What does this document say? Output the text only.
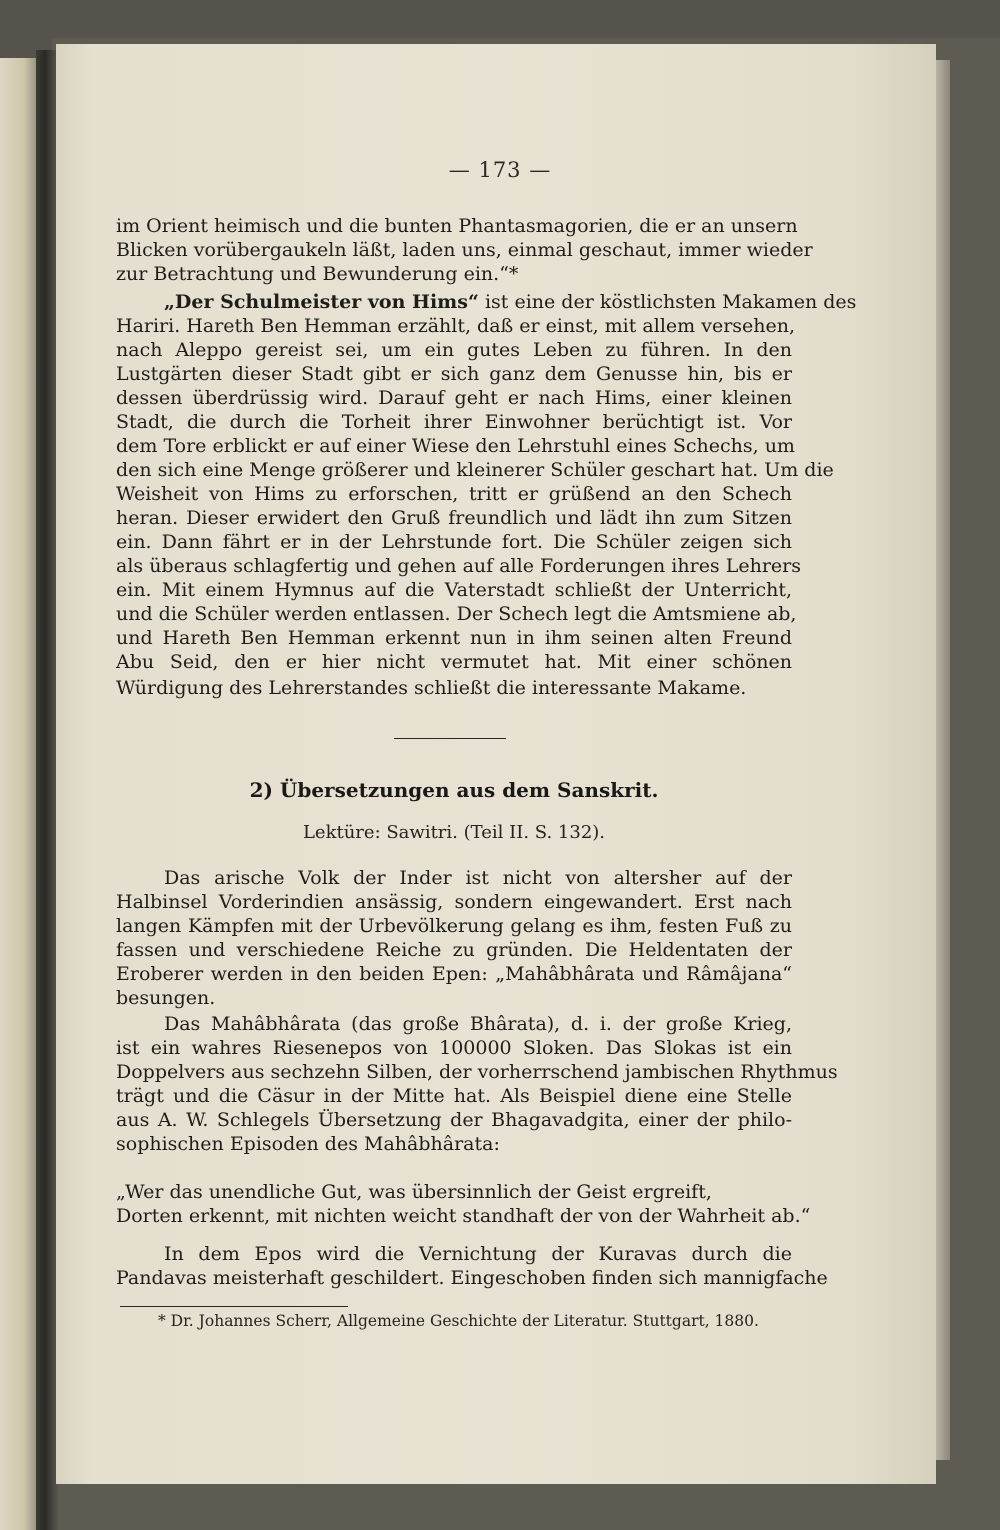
— 173 —
im Orient heimisch und die bunten Phantasmagorien, die er an unsern
Blicken vorübergaukeln läßt, laden uns, einmal geschaut, immer wieder
zur Betrachtung und Bewunderung ein.“*
„Der Schulmeister von Hims“ ist eine der köstlichsten Makamen des
Hariri. Hareth Ben Hemman erzählt, daß er einst, mit allem versehen,
nach Aleppo gereist sei, um ein gutes Leben zu führen. In den
Lustgärten dieser Stadt gibt er sich ganz dem Genusse hin, bis er
dessen überdrüssig wird. Darauf geht er nach Hims, einer kleinen
Stadt, die durch die Torheit ihrer Einwohner berüchtigt ist. Vor
dem Tore erblickt er auf einer Wiese den Lehrstuhl eines Schechs, um
den sich eine Menge größerer und kleinerer Schüler geschart hat. Um die
Weisheit von Hims zu erforschen, tritt er grüßend an den Schech
heran. Dieser erwidert den Gruß freundlich und lädt ihn zum Sitzen
ein. Dann fährt er in der Lehrstunde fort. Die Schüler zeigen sich
als überaus schlagfertig und gehen auf alle Forderungen ihres Lehrers
ein. Mit einem Hymnus auf die Vaterstadt schließt der Unterricht,
und die Schüler werden entlassen. Der Schech legt die Amtsmiene ab,
und Hareth Ben Hemman erkennt nun in ihm seinen alten Freund
Abu Seid, den er hier nicht vermutet hat. Mit einer schönen
Würdigung des Lehrerstandes schließt die interessante Makame.
2) Übersetzungen aus dem Sanskrit.
Lektüre: Sawitri. (Teil II. S. 132).
Das arische Volk der Inder ist nicht von altersher auf der
Halbinsel Vorderindien ansässig, sondern eingewandert. Erst nach
langen Kämpfen mit der Urbevölkerung gelang es ihm, festen Fuß zu
fassen und verschiedene Reiche zu gründen. Die Heldentaten der
Eroberer werden in den beiden Epen: „Mahâbhârata und Râmâjana“
besungen.
Das Mahâbhârata (das große Bhârata), d. i. der große Krieg,
ist ein wahres Riesenepos von 100000 Sloken. Das Slokas ist ein
Doppelvers aus sechzehn Silben, der vorherrschend jambischen Rhythmus
trägt und die Cäsur in der Mitte hat. Als Beispiel diene eine Stelle
aus A. W. Schlegels Übersetzung der Bhagavadgita, einer der philo-
sophischen Episoden des Mahâbhârata:
„Wer das unendliche Gut, was übersinnlich der Geist ergreift,
Dorten erkennt, mit nichten weicht standhaft der von der Wahrheit ab.“
In dem Epos wird die Vernichtung der Kuravas durch die
Pandavas meisterhaft geschildert. Eingeschoben finden sich mannigfache
* Dr. Johannes Scherr, Allgemeine Geschichte der Literatur. Stuttgart, 1880.
